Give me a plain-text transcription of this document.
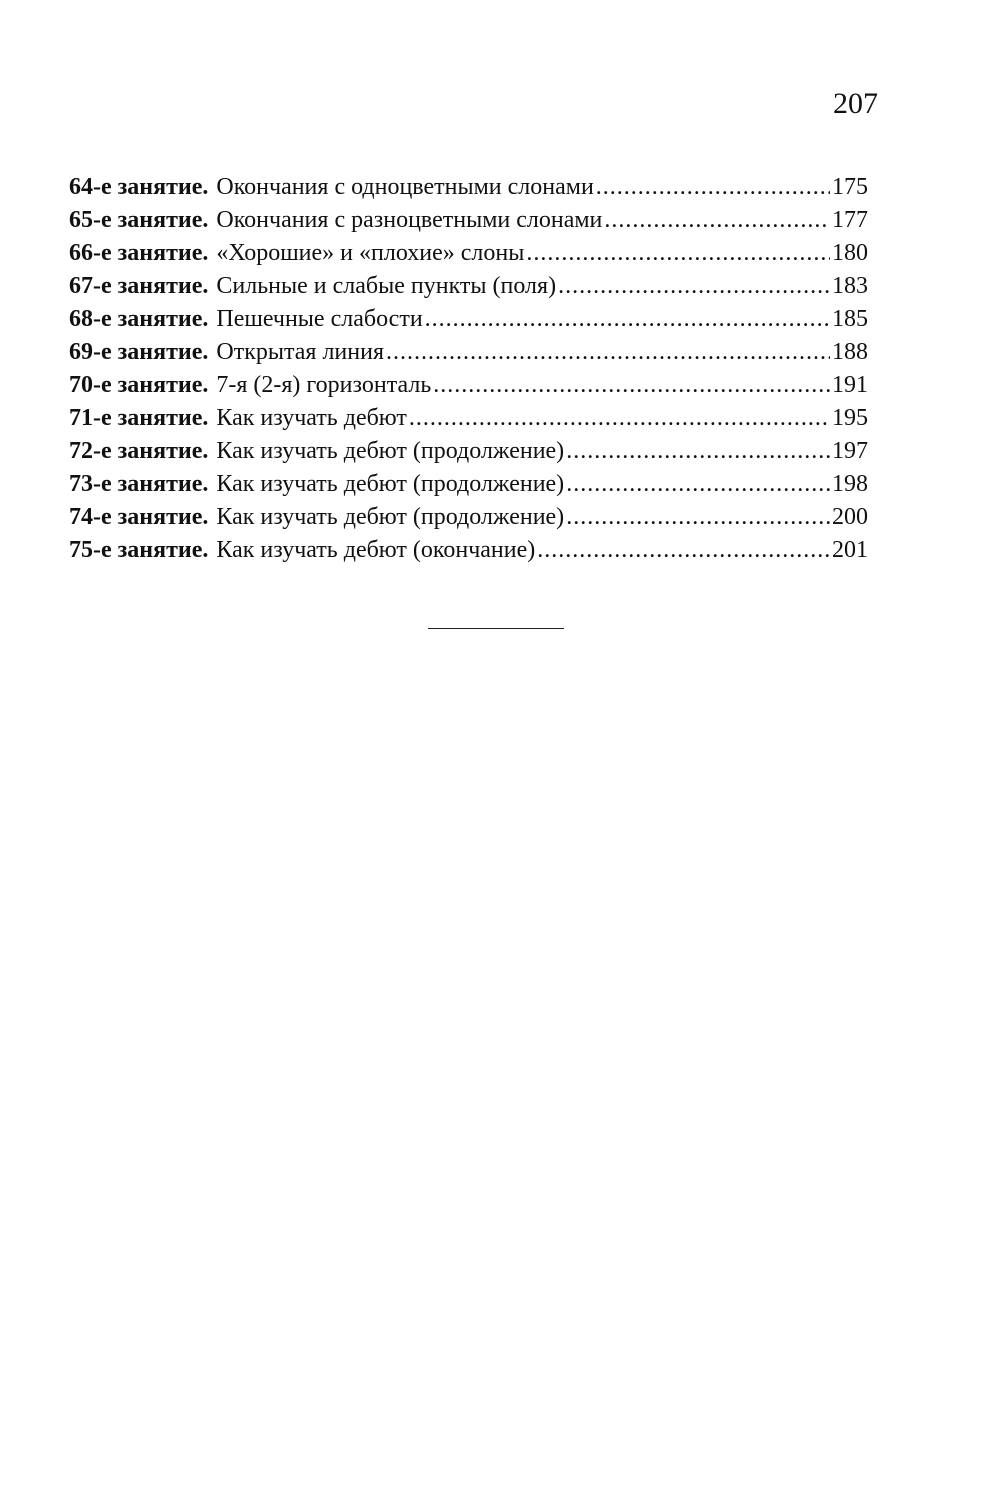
207
64-е занятие. Окончания с одноцветными слонами .....	175
65-е занятие. Окончания с разноцветными слонами .....	177
66-е занятие. «Хорошие» и «плохие» слоны .....	180
67-е занятие. Сильные и слабые пункты (поля) .....	183
68-е занятие. Пешечные слабости .....	185
69-е занятие. Открытая линия .....	188
70-е занятие. 7-я (2-я) горизонталь .....	191
71-е занятие. Как изучать дебют .....	195
72-е занятие. Как изучать дебют (продолжение) .....	197
73-е занятие. Как изучать дебют (продолжение) .....	198
74-е занятие. Как изучать дебют (продолжение) .....	200
75-е занятие. Как изучать дебют (окончание) .....	201
